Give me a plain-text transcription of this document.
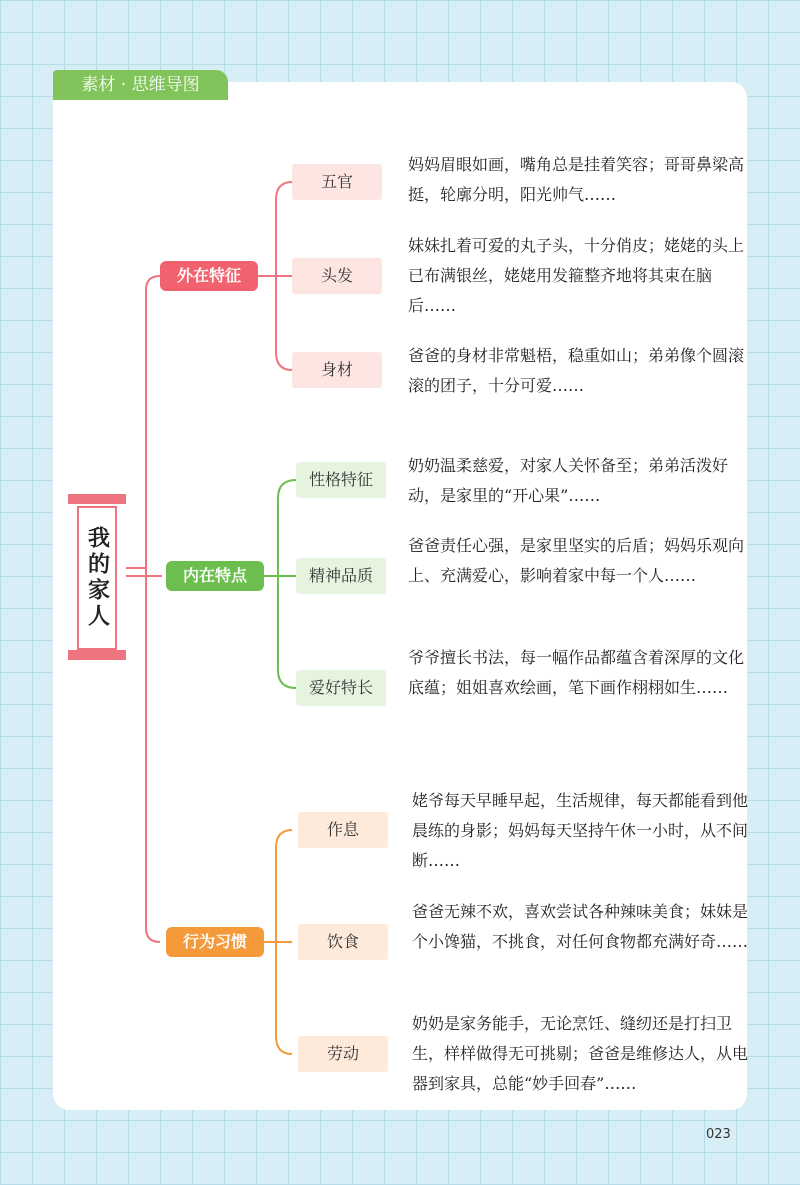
素材 · 思维导图
我的家人
外在特征
五官

妈妈眉眼如画，嘴角总是挂着笑容；哥哥鼻梁高挺，轮廓分明，阳光帅气……

头发

妹妹扎着可爱的丸子头，十分俏皮；姥姥的头上已布满银丝，姥姥用发箍整齐地将其束在脑后……

身材

爸爸的身材非常魁梧，稳重如山；弟弟像个圆滚滚的团子，十分可爱……

内在特点
性格特征

奶奶温柔慈爱，对家人关怀备至；弟弟活泼好动，是家里的“开心果”……

精神品质

爸爸责任心强，是家里坚实的后盾；妈妈乐观向上、充满爱心，影响着家中每一个人……

爱好特长

爷爷擅长书法，每一幅作品都蕴含着深厚的文化底蕴；姐姐喜欢绘画，笔下画作栩栩如生……

行为习惯
作息

姥爷每天早睡早起，生活规律，每天都能看到他晨练的身影；妈妈每天坚持午休一小时，从不间断……

饮食

爸爸无辣不欢，喜欢尝试各种辣味美食；妹妹是个小馋猫，不挑食，对任何食物都充满好奇……

劳动

奶奶是家务能手，无论烹饪、缝纫还是打扫卫生，样样做得无可挑剔；爸爸是维修达人，从电器到家具，总能“妙手回春”……

023
